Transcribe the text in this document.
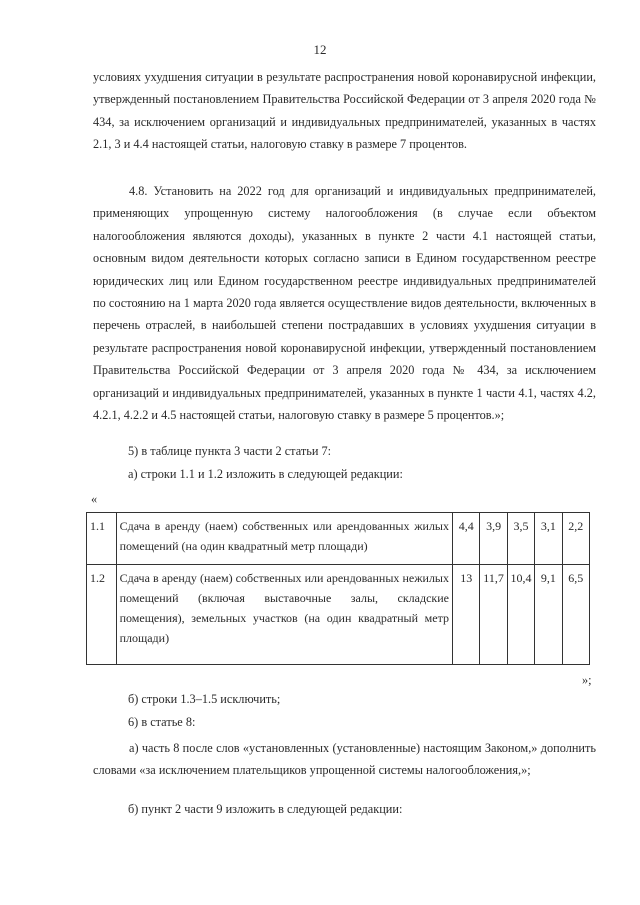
12

условиях ухудшения ситуации в результате распространения новой коронавирусной инфекции, утвержденный постановлением Правительства Российской Федерации от 3 апреля 2020 года № 434, за исключением организаций и индивидуальных предпринимателей, указанных в частях 2.1, 3 и 4.4 настоящей статьи, налоговую ставку в размере 7 процентов.

4.8. Установить на 2022 год для организаций и индивидуальных предпринимателей, применяющих упрощенную систему налогообложения (в случае если объектом налогообложения являются доходы), указанных в пункте 2 части 4.1 настоящей статьи, основным видом деятельности которых согласно записи в Едином государственном реестре юридических лиц или Едином государственном реестре индивидуальных предпринимателей по состоянию на 1 марта 2020 года является осуществление видов деятельности, включенных в перечень отраслей, в наибольшей степени пострадавших в условиях ухудшения ситуации в результате распространения новой коронавирусной инфекции, утвержденный постановлением Правительства Российской Федерации от 3 апреля 2020 года № 434, за исключением организаций и индивидуальных предпринимателей, указанных в пункте 1 части 4.1, частях 4.2, 4.2.1, 4.2.2 и 4.5 настоящей статьи, налоговую ставку в размере 5 процентов.»;

5) в таблице пункта 3 части 2 статьи 7:
а) строки 1.1 и 1.2 изложить в следующей редакции:
«
1.1	Сдача в аренду (наем) собственных или арендованных жилых помещений (на один квадратный метр площади)	4,4	3,9	3,5	3,1	2,2
1.2	Сдача в аренду (наем) собственных или арендованных нежилых помещений (включая выставочные залы, складские помещения), земельных участков (на один квадратный метр площади)	13	11,7	10,4	9,1	6,5
»;
б) строки 1.3–1.5 исключить;
6) в статье 8:

а) часть 8 после слов «установленных (установленные) настоящим Законом,» дополнить словами «за исключением плательщиков упрощенной системы налогообложения,»;

б) пункт 2 части 9 изложить в следующей редакции:
